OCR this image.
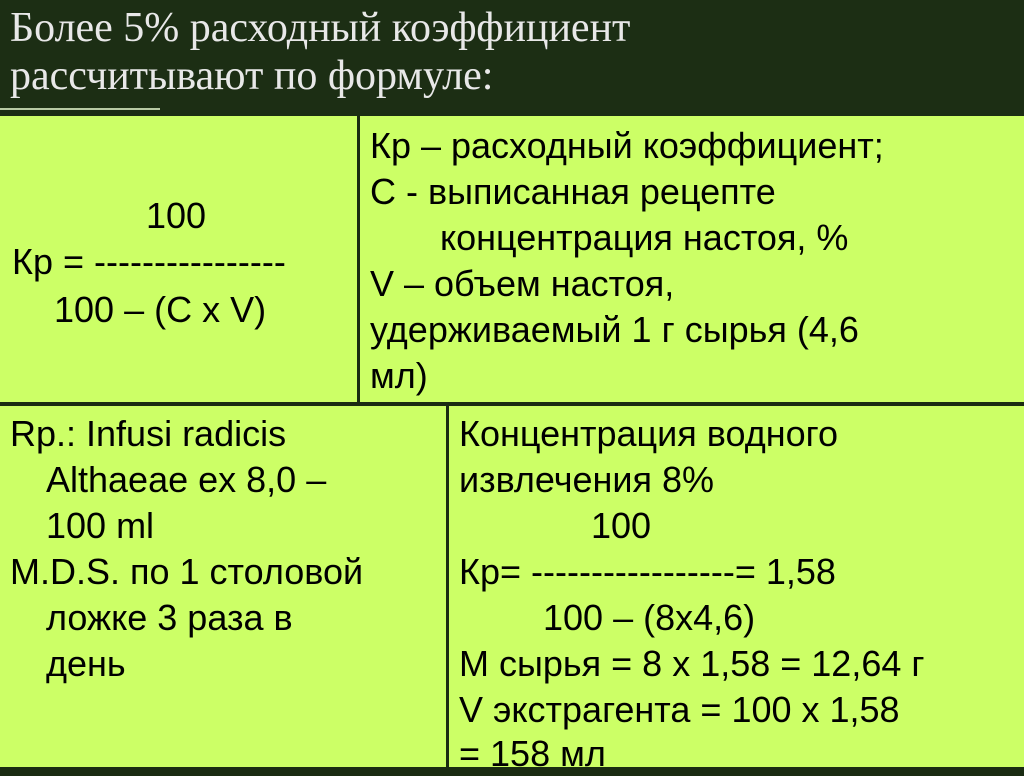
Более 5% расходный коэффициент
рассчитывают по формуле:

100

Кр = ----------------

100 – (С х V)

Кр – расходный коэффициент;

С - выписанная рецепте

концентрация настоя, %

V – объем настоя,

удерживаемый 1 г сырья (4,6

мл)

Rp.: Infusi radicis

Althaeae ex 8,0 –

100 ml

M.D.S. по 1 столовой

ложке 3 раза в

день

Концентрация водного

извлечения 8%

100

Кр= -----------------= 1,58

100 – (8х4,6)

М сырья = 8 х 1,58 = 12,64 г

V экстрагента = 100 х 1,58

= 158 мл
